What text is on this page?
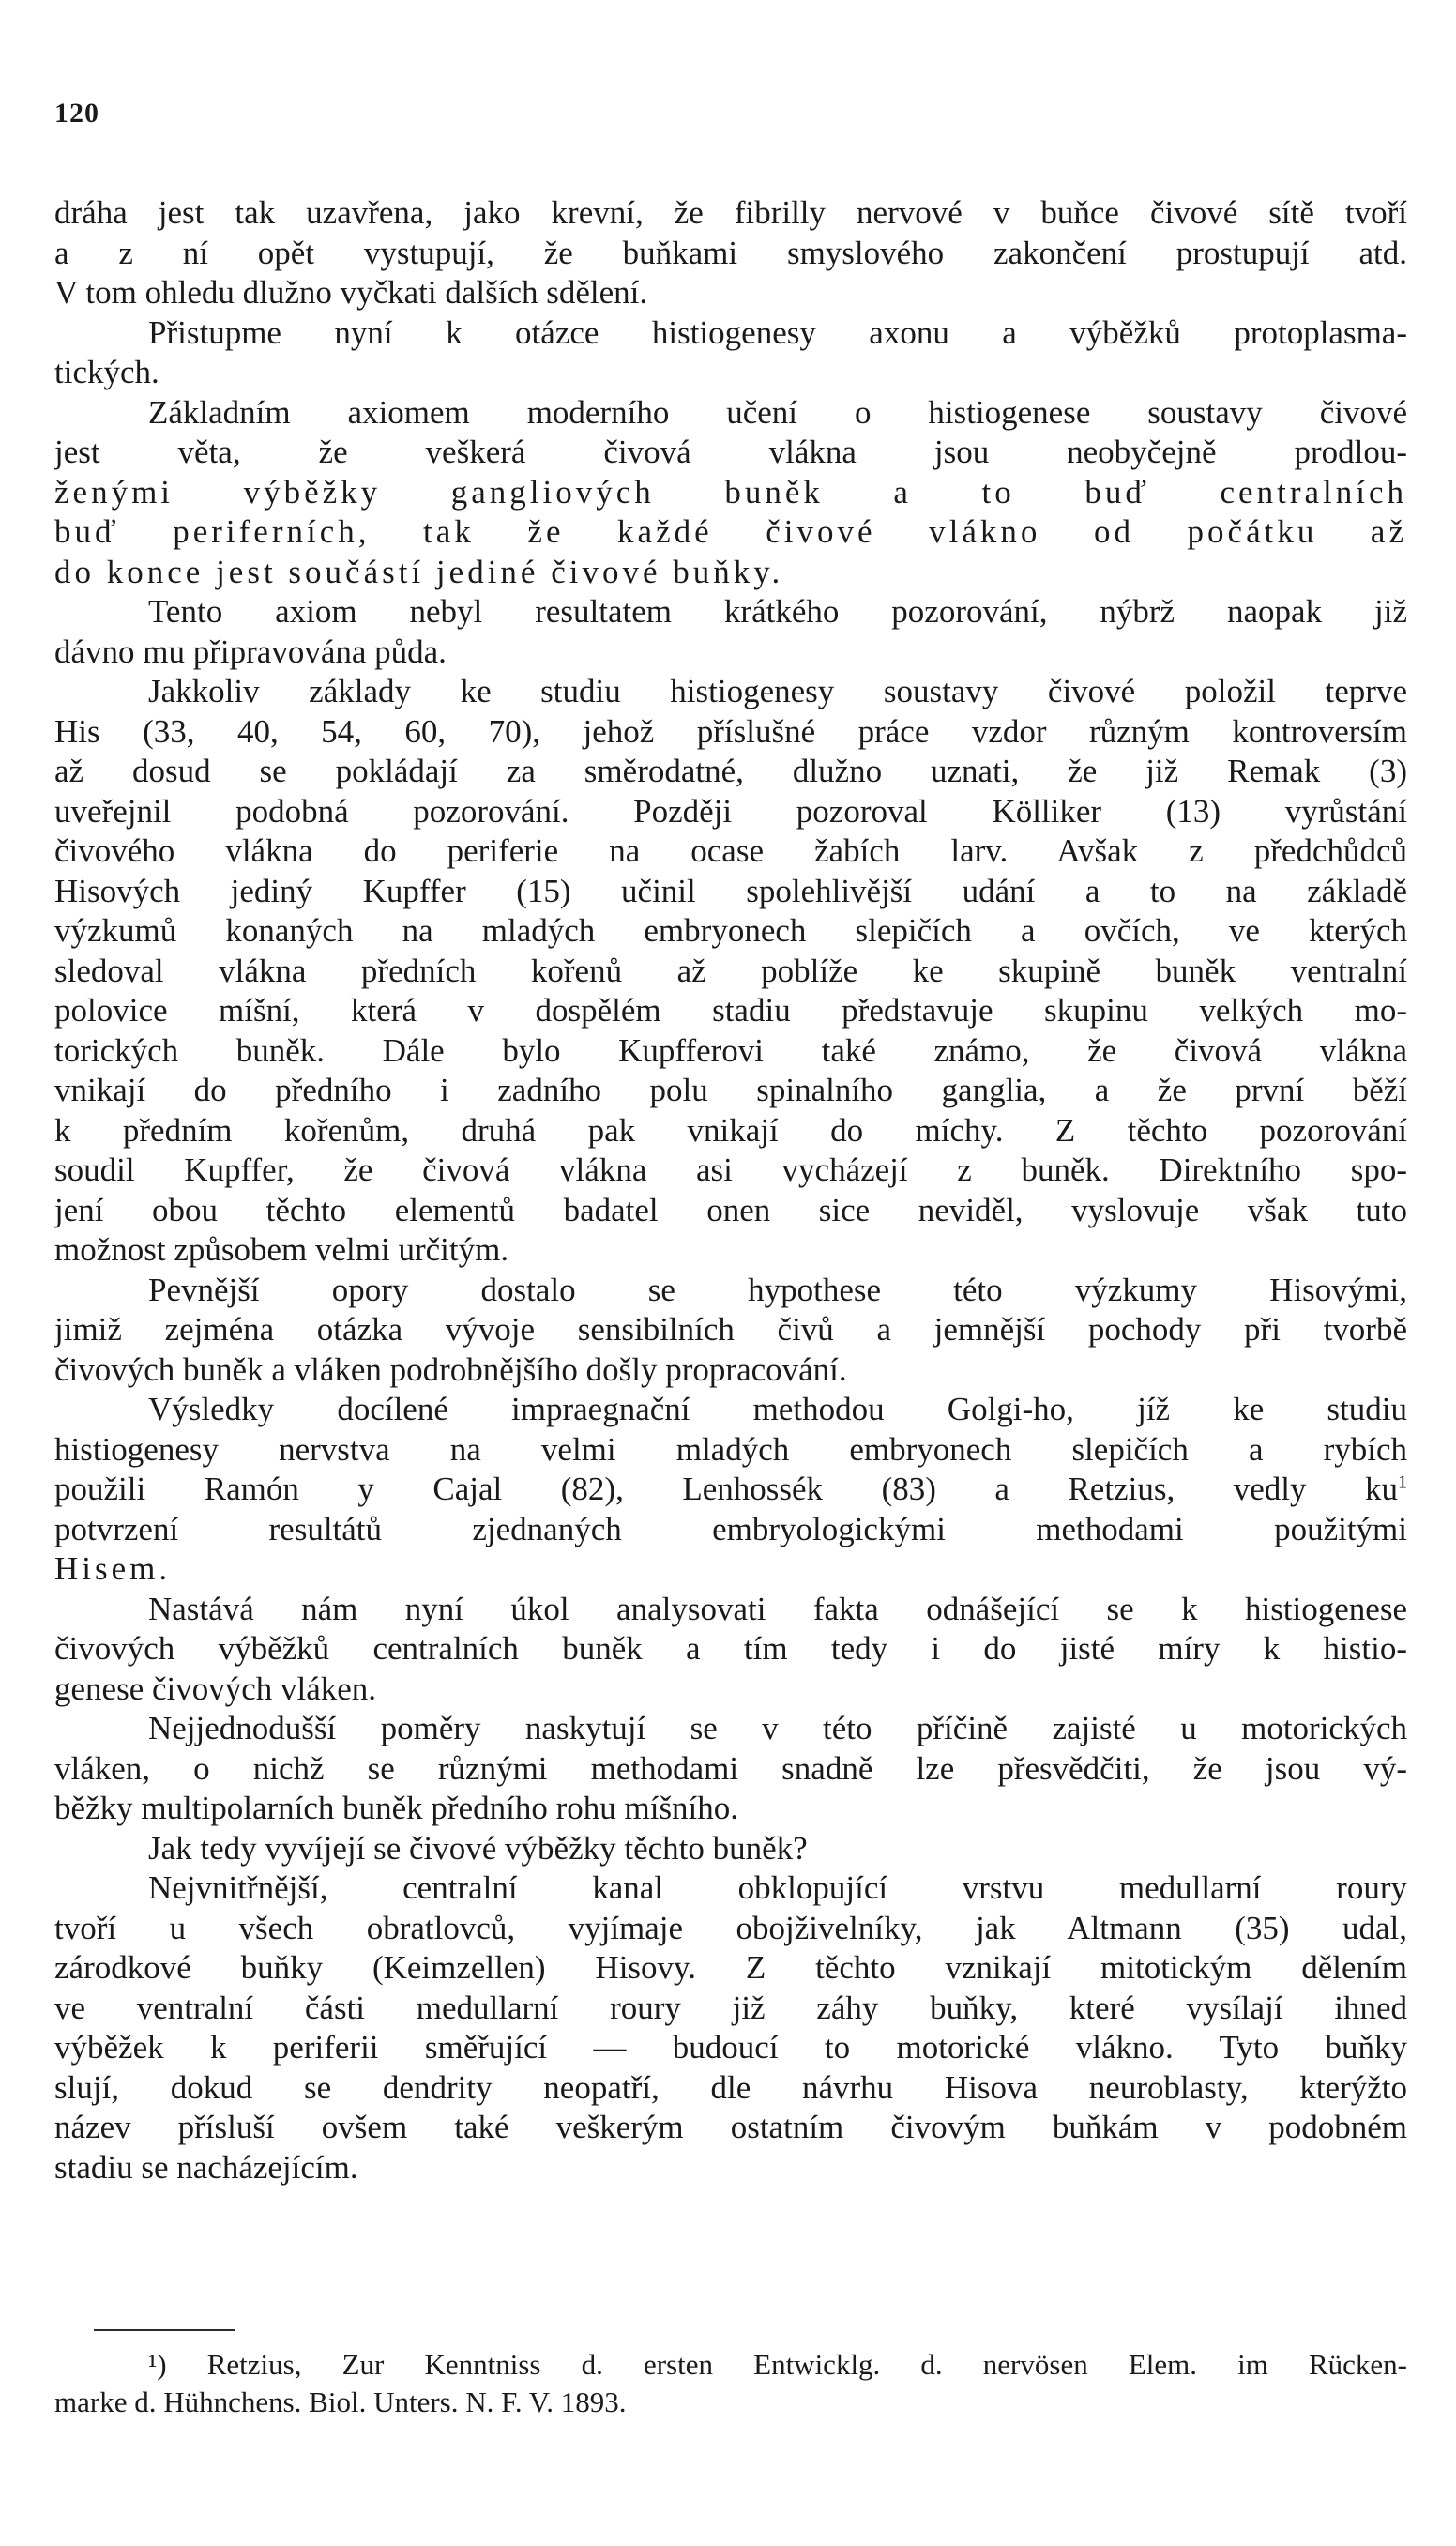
120
dráha jest tak uzavřena, jako krevní, že fibrilly nervové v buňce čivové sítě tvoří
a z ní opět vystupují, že buňkami smyslového zakončení prostupují atd.
V tom ohledu dlužno vyčkati dalších sdělení.
Přistupme nyní k otázce histiogenesy axonu a výběžků protoplasma-
tických.
Základním axiomem moderního učení o histiogenese soustavy čivové
jest věta, že veškerá čivová vlákna jsou neobyčejně prodlou-
ženými výběžky gangliových buněk a to buď centralních
buď periferních, tak že každé čivové vlákno od počátku až
do konce jest součástí jediné čivové buňky.
Tento axiom nebyl resultatem krátkého pozorování, nýbrž naopak již
dávno mu připravována půda.
Jakkoliv základy ke studiu histiogenesy soustavy čivové položil teprve
His (33, 40, 54, 60, 70), jehož příslušné práce vzdor různým kontroversím
až dosud se pokládají za směrodatné, dlužno uznati, že již Remak (3)
uveřejnil podobná pozorování. Později pozoroval Kölliker (13) vyrůstání
čivového vlákna do periferie na ocase žabích larv. Avšak z předchůdců
Hisových jediný Kupffer (15) učinil spolehlivější udání a to na základě
výzkumů konaných na mladých embryonech slepičích a ovčích, ve kterých
sledoval vlákna předních kořenů až poblíže ke skupině buněk ventralní
polovice míšní, která v dospělém stadiu představuje skupinu velkých mo-
torických buněk. Dále bylo Kupfferovi také známo, že čivová vlákna
vnikají do předního i zadního polu spinalního ganglia, a že první běží
k předním kořenům, druhá pak vnikají do míchy. Z těchto pozorování
soudil Kupffer, že čivová vlákna asi vycházejí z buněk. Direktního spo-
jení obou těchto elementů badatel onen sice neviděl, vyslovuje však tuto
možnost způsobem velmi určitým.
Pevnější opory dostalo se hypothese této výzkumy Hisovými,
jimiž zejména otázka vývoje sensibilních čivů a jemnější pochody při tvorbě
čivových buněk a vláken podrobnějšího došly propracování.
Výsledky docílené impraegnační methodou Golgi-ho, jíž ke studiu
histiogenesy nervstva na velmi mladých embryonech slepičích a rybích
použili Ramón y Cajal (82), Lenhossék (83) a Retzius, vedly $ku^1$
potvrzení resultátů zjednaných embryologickými methodami použitými
Hisem.
Nastává nám nyní úkol analysovati fakta odnášející se k histiogenese
čivových výběžků centralních buněk a tím tedy i do jisté míry k histio-
genese čivových vláken.
Nejjednodušší poměry naskytují se v této příčině zajisté u motorických
vláken, o nichž se různými methodami snadně lze přesvědčiti, že jsou vý-
běžky multipolarních buněk předního rohu míšního.
Jak tedy vyvíjejí se čivové výběžky těchto buněk?
Nejvnitřnější, centralní kanal obklopující vrstvu medullarní roury
tvoří u všech obratlovců, vyjímaje obojživelníky, jak Altmann (35) udal,
zárodkové buňky (Keimzellen) Hisovy. Z těchto vznikají mitotickým dělením
ve ventralní části medullarní roury již záhy buňky, které vysílají ihned
výběžek k periferii směřující — budoucí to motorické vlákno. Tyto buňky
slují, dokud se dendrity neopatří, dle návrhu Hisova neuroblasty, kterýžto
název přísluší ovšem také veškerým ostatním čivovým buňkám v podobném
stadiu se nacházejícím.
¹) Retzius, Zur Kenntniss d. ersten Entwicklg. d. nervösen Elem. im Rücken-
marke d. Hühnchens. Biol. Unters. N. F. V. 1893.
